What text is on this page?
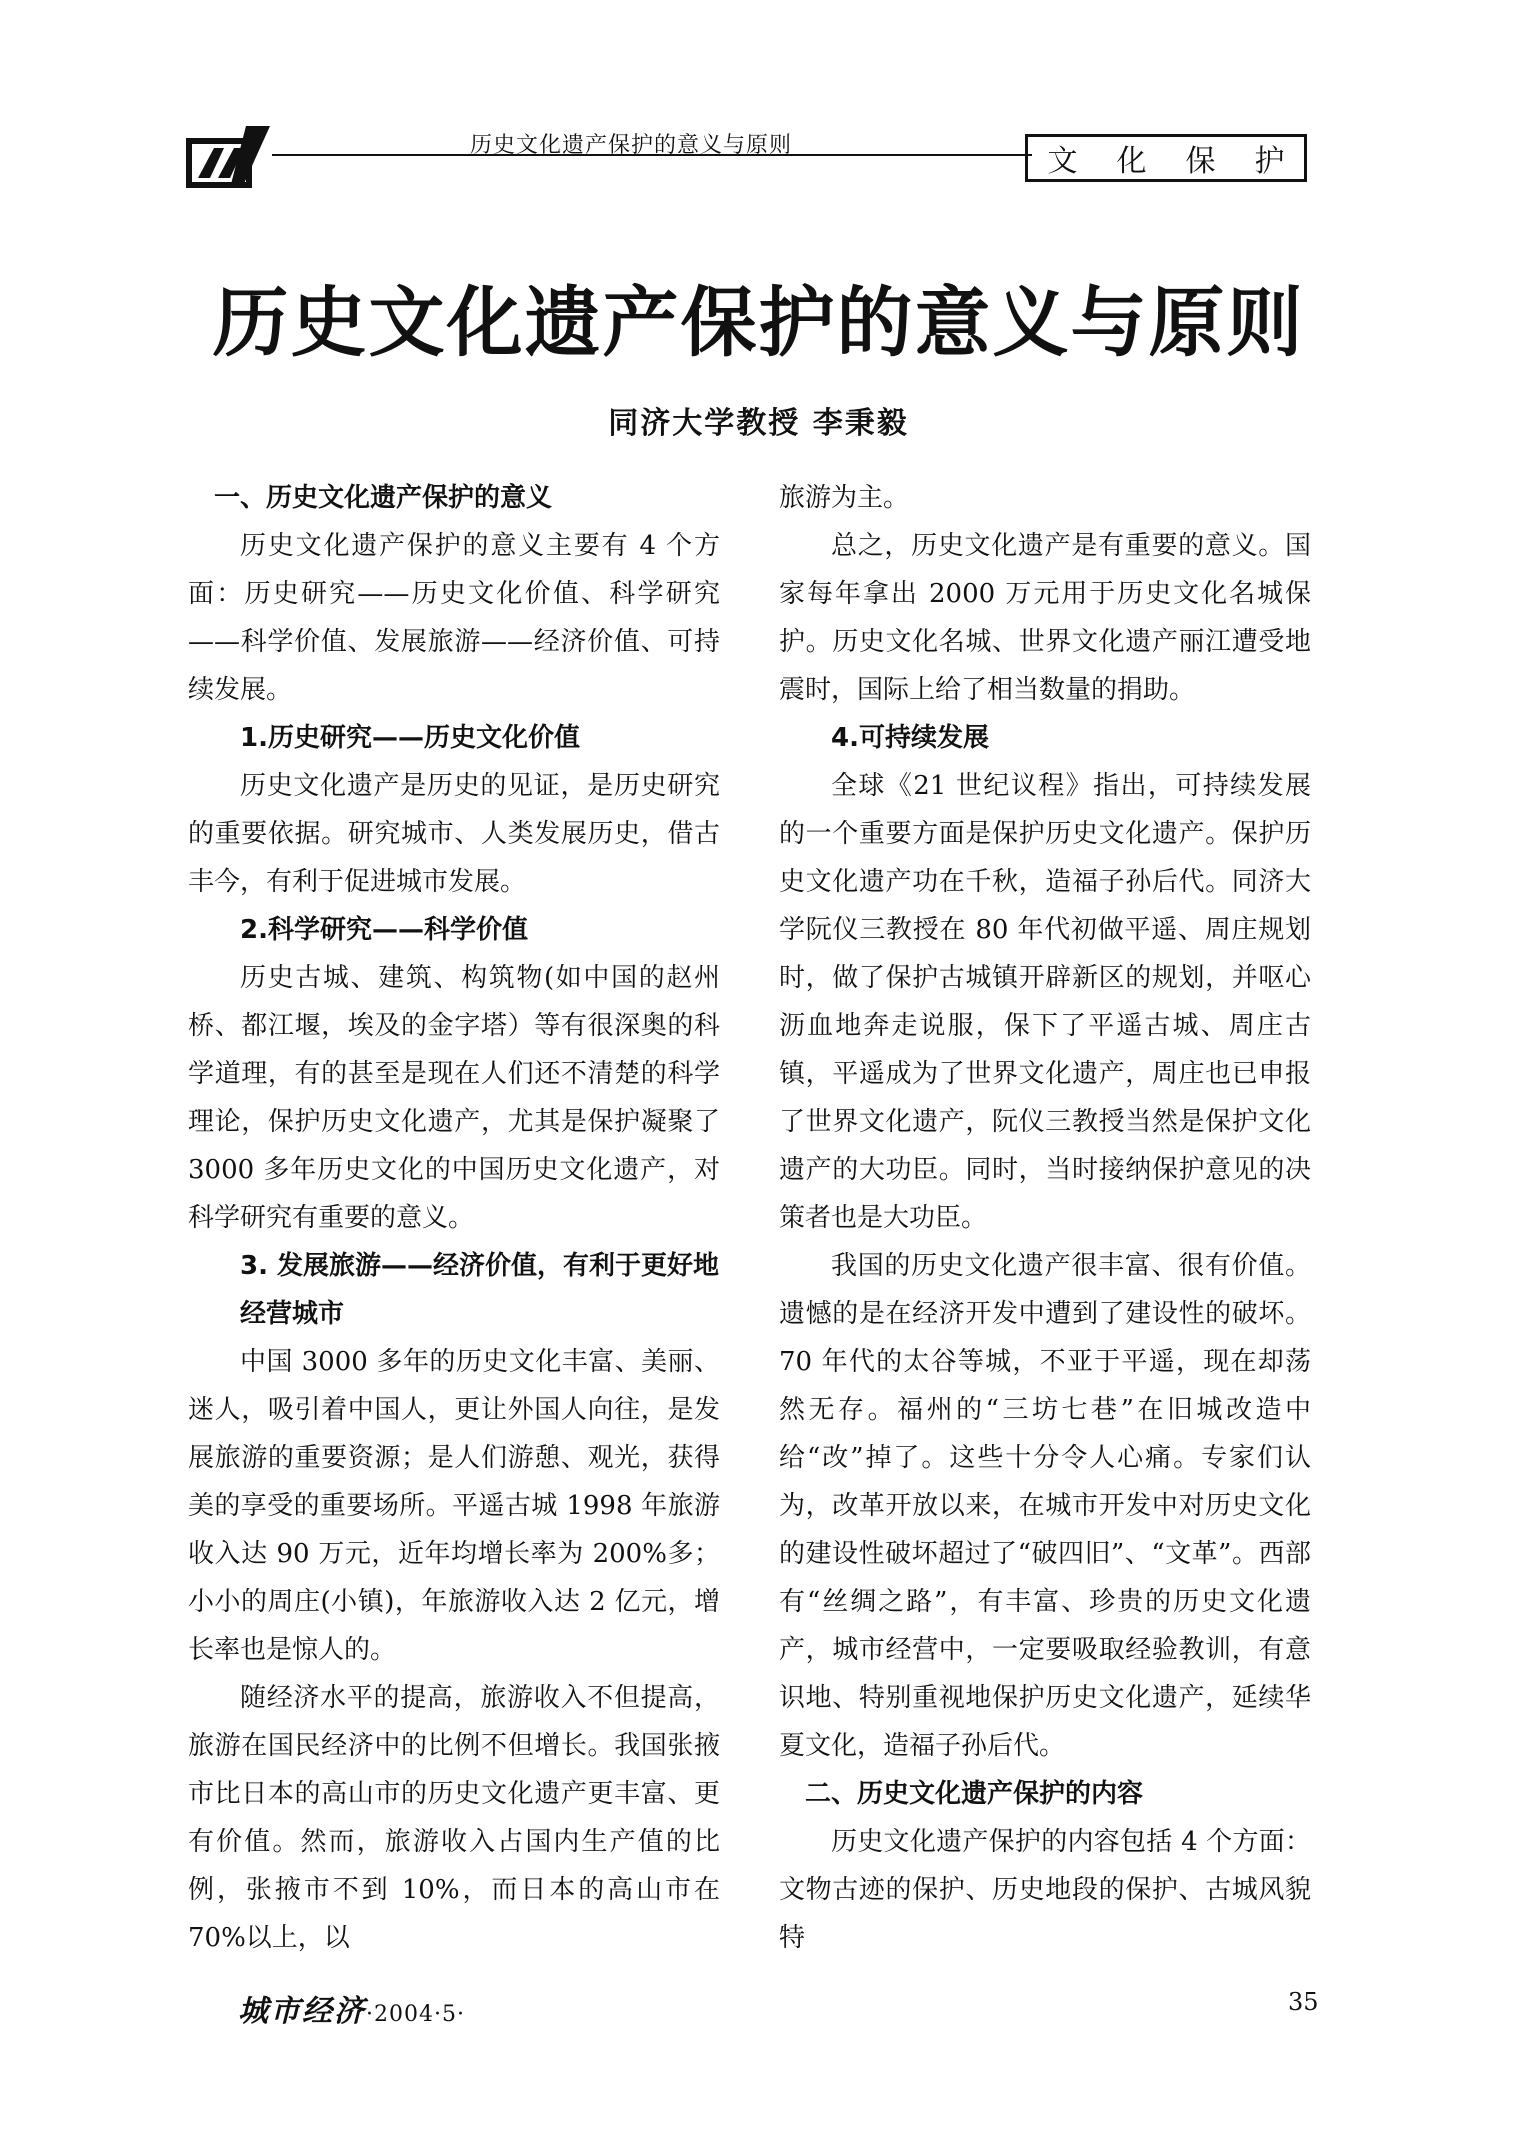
历史文化遗产保护的意义与原则	文 化 保 护
历史文化遗产保护的意义与原则
同济大学教授 李秉毅
一、历史文化遗产保护的意义

历史文化遗产保护的意义主要有 4 个方面：历史研究——历史文化价值、科学研究——科学价值、发展旅游——经济价值、可持续发展。

1.历史研究——历史文化价值

历史文化遗产是历史的见证，是历史研究的重要依据。研究城市、人类发展历史，借古丰今，有利于促进城市发展。

2.科学研究——科学价值

历史古城、建筑、构筑物(如中国的赵州桥、都江堰，埃及的金字塔）等有很深奥的科学道理，有的甚至是现在人们还不清楚的科学理论，保护历史文化遗产，尤其是保护凝聚了 3000 多年历史文化的中国历史文化遗产，对科学研究有重要的意义。

3. 发展旅游——经济价值，有利于更好地经营城市

中国 3000 多年的历史文化丰富、美丽、迷人，吸引着中国人，更让外国人向往，是发展旅游的重要资源；是人们游憩、观光，获得美的享受的重要场所。平遥古城 1998 年旅游收入达 90 万元，近年均增长率为 200%多；小小的周庄(小镇)，年旅游收入达 2 亿元，增长率也是惊人的。

随经济水平的提高，旅游收入不但提高，旅游在国民经济中的比例不但增长。我国张掖市比日本的高山市的历史文化遗产更丰富、更有价值。然而，旅游收入占国内生产值的比例，张掖市不到 10%，而日本的高山市在 70%以上，以

旅游为主。

总之，历史文化遗产是有重要的意义。国家每年拿出 2000 万元用于历史文化名城保护。历史文化名城、世界文化遗产丽江遭受地震时，国际上给了相当数量的捐助。

4.可持续发展

全球《21 世纪议程》指出，可持续发展的一个重要方面是保护历史文化遗产。保护历史文化遗产功在千秋，造福子孙后代。同济大学阮仪三教授在 80 年代初做平遥、周庄规划时，做了保护古城镇开辟新区的规划，并呕心沥血地奔走说服，保下了平遥古城、周庄古镇，平遥成为了世界文化遗产，周庄也已申报了世界文化遗产，阮仪三教授当然是保护文化遗产的大功臣。同时，当时接纳保护意见的决策者也是大功臣。

我国的历史文化遗产很丰富、很有价值。遗憾的是在经济开发中遭到了建设性的破坏。70 年代的太谷等城，不亚于平遥，现在却荡然无存。福州的“三坊七巷”在旧城改造中给“改”掉了。这些十分令人心痛。专家们认为，改革开放以来，在城市开发中对历史文化的建设性破坏超过了“破四旧”、“文革”。西部有“丝绸之路”，有丰富、珍贵的历史文化遗产，城市经营中，一定要吸取经验教训，有意识地、特别重视地保护历史文化遗产，延续华夏文化，造福子孙后代。

二、历史文化遗产保护的内容

历史文化遗产保护的内容包括 4 个方面：文物古迹的保护、历史地段的保护、古城风貌特

城市经济·2004·5·	35
